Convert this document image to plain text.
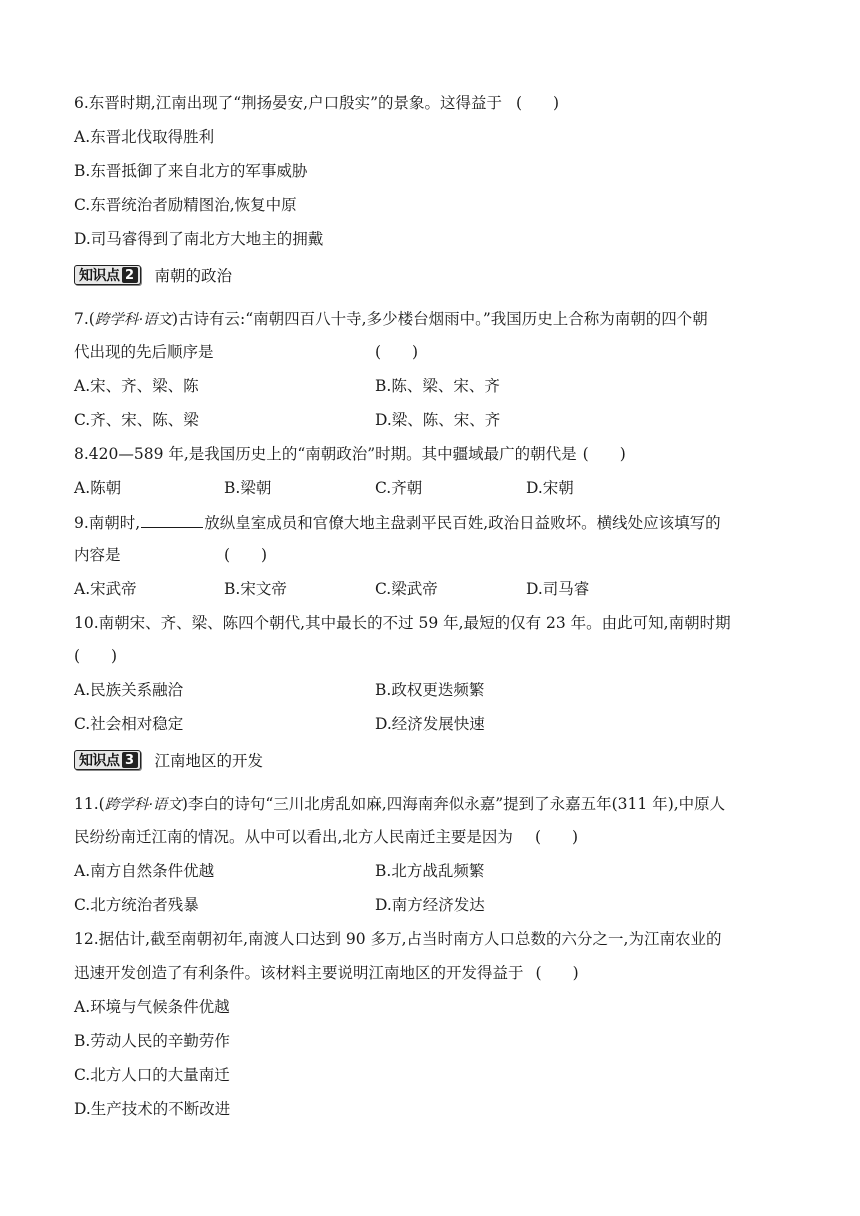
6.东晋时期,江南出现了“荆扬晏安,户口殷实”的景象。这得益于 (　　)
A.东晋北伐取得胜利
B.东晋抵御了来自北方的军事威胁
C.东晋统治者励精图治,恢复中原
D.司马睿得到了南北方大地主的拥戴
知识点 2 南朝的政治
7.(跨学科·语文)古诗有云:“南朝四百八十寺,多少楼台烟雨中。”我国历史上合称为南朝的四个朝
代出现的先后顺序是	(　　)
A.宋、齐、梁、陈	B.陈、梁、宋、齐
C.齐、宋、陈、梁	D.梁、陈、宋、齐
8.420—589 年,是我国历史上的“南朝政治”时期。其中疆域最广的朝代是 (　　)
A.陈朝	B.梁朝	C.齐朝	D.宋朝
9.南朝时,	放纵皇室成员和官僚大地主盘剥平民百姓,政治日益败坏。横线处应该填写的
内容是	(　　)
A.宋武帝	B.宋文帝	C.梁武帝	D.司马睿
10.南朝宋、齐、梁、陈四个朝代,其中最长的不过 59 年,最短的仅有 23 年。由此可知,南朝时期
(　　)
A.民族关系融洽	B.政权更迭频繁
C.社会相对稳定	D.经济发展快速
知识点 3 江南地区的开发
11.(跨学科·语文)李白的诗句“三川北虏乱如麻,四海南奔似永嘉”提到了永嘉五年(311 年),中原人
民纷纷南迁江南的情况。从中可以看出,北方人民南迁主要是因为 (　　)
A.南方自然条件优越	B.北方战乱频繁
C.北方统治者残暴	D.南方经济发达
12.据估计,截至南朝初年,南渡人口达到 90 多万,占当时南方人口总数的六分之一,为江南农业的
迅速开发创造了有利条件。该材料主要说明江南地区的开发得益于 (　　)
A.环境与气候条件优越
B.劳动人民的辛勤劳作
C.北方人口的大量南迁
D.生产技术的不断改进
